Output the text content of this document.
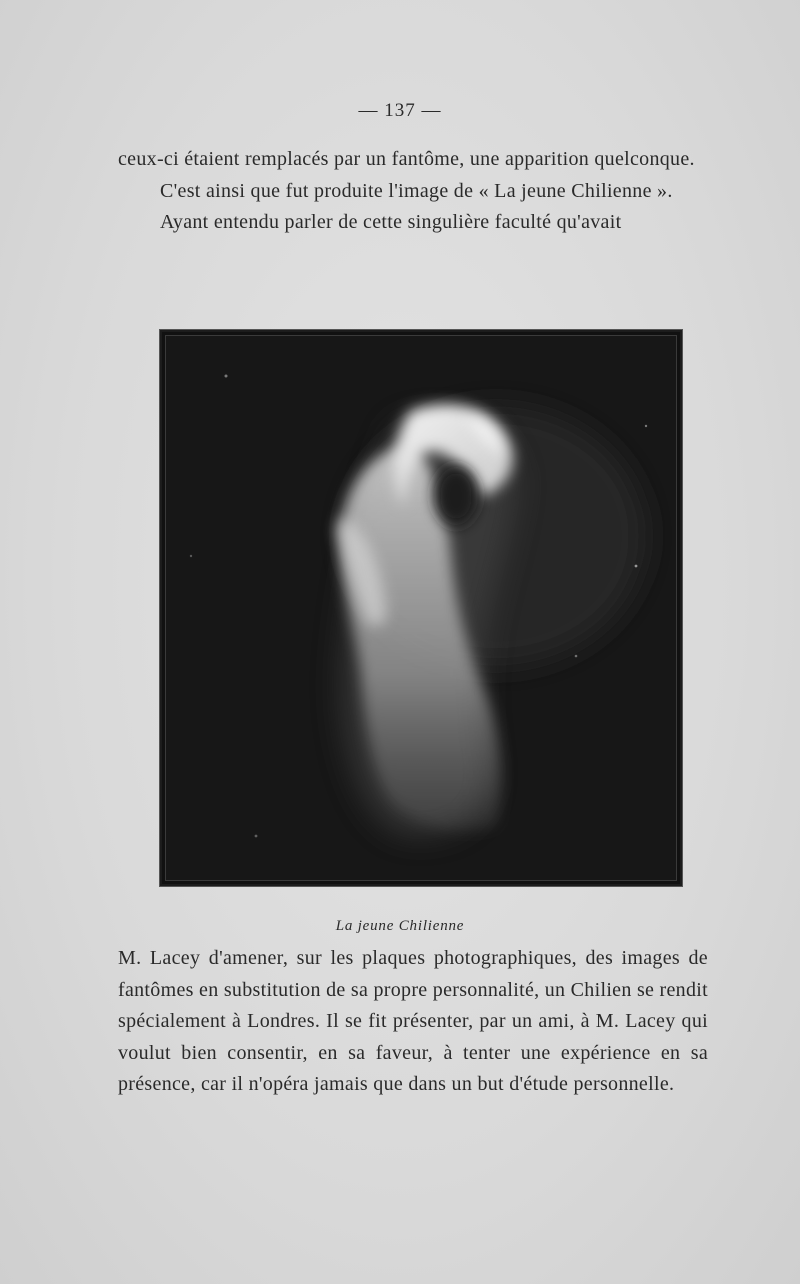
— 137 —

ceux-ci étaient remplacés par un fantôme, une apparition quelconque.

C'est ainsi que fut produite l'image de « La jeune Chilienne ».

Ayant entendu parler de cette singulière faculté qu'avait

La jeune Chilienne

M. Lacey d'amener, sur les plaques photographiques, des images de fantômes en substitution de sa propre personnalité, un Chilien se rendit spécialement à Londres. Il se fit présenter, par un ami, à M. Lacey qui voulut bien consentir, en sa faveur, à tenter une expérience en sa présence, car il n'opéra jamais que dans un but d'étude personnelle.
